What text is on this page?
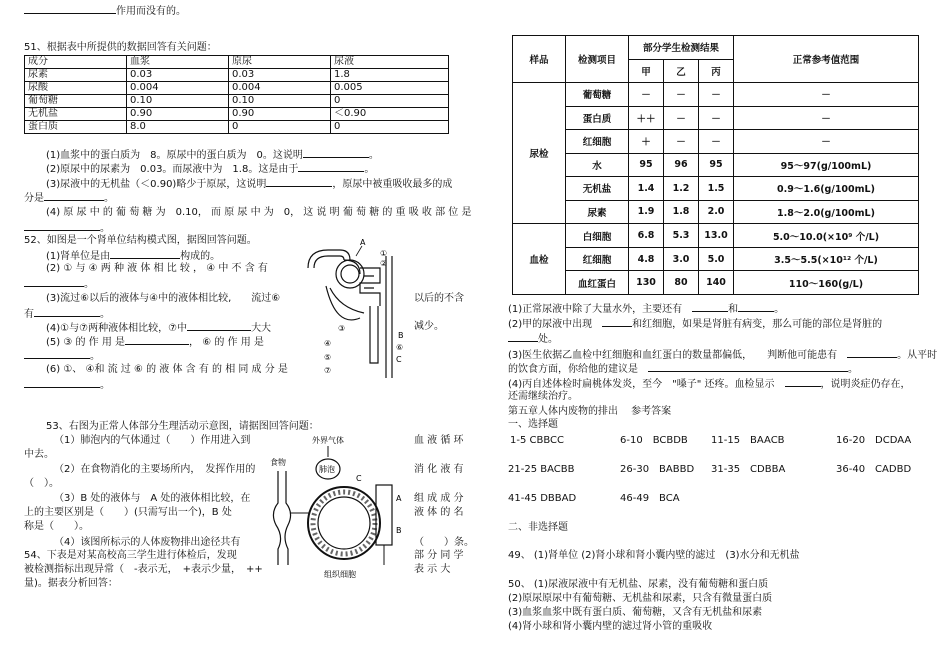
作用而没有的。
51、根据表中所提供的数据回答有关问题：
成分	血浆	原尿	尿液
尿素	0.03	0.03	1.8
尿酸	0.004	0.004	0.005
葡萄糖	0.10	0.10	0
无机盐	0.90	0.90	＜0.90
蛋白质	8.0	0	0
(1)血浆中的蛋白质为　8。原尿中的蛋白质为　0。这说明	。
(2)原尿中的尿素为　0.03。而尿液中为　1.8。这是由于	。
(3)尿液中的无机盐（＜0.90)略少于原尿，这说明	，原尿中被重吸收最多的成
分是	。
(4) 原 尿 中 的 葡 萄 糖 为　0.10， 而 原 尿 中 为　0， 这 说 明 葡 萄 糖 的 重 吸 收 部 位 是
。
52、如图是一个肾单位结构模式图，据图回答问题。
(1)肾单位是由	构成的。
(2) ① 与 ④ 两 种 液 体 相 比 较 ， ④ 中 不 含 有
。
(3)流过⑥以后的液体与④中的液体相比较,　　 流过⑥	以后的不含
有	。
(4)①与⑦两种液体相比较，⑦中	大大	减少。
(5) ③ 的 作 用 是	， ⑥ 的 作 用 是
。
(6) ①、 ④和 流 过 ⑥ 的 液 体 含 有 的 相 同 成 分 是
。
A
①
②
③
④
⑤
B
⑥
⑦
C
53、右图为正常人体部分生理活动示意图，请据图回答问题：
（1）肺泡内的气体通过（　　）作用进入到	血 液 循 环
中去。
（2）在食物消化的主要场所内，　发挥作用的	消 化 液 有
（　）。
（3）B 处的液体与　A 处的液体相比较，在	组 成 成 分
上的主要区别是（　　）(只需写出一个)，B 处	液 体 的 名
称是（　　）。
（4）该图所标示的人体废物排出途径共有	（　　）条。
54、下表是对某高校高三学生进行体检后，发现	部 分 同 学
被检测指标出现异常（　-表示无，　+表示少量，　++	表 示 大
量)。据表分析回答：
外界气体
食物
肺泡
C
A
B
组织细胞
样品	检测项目	部分学生检测结果			正常参考值范围
		甲	乙	丙	
尿检	葡萄糖	－	－	－	－
	蛋白质	＋＋	－	－	－
	红细胞	＋	－	－	－
	水	95	96	95	95～97(g/100mL)
	无机盐	1.4	1.2	1.5	0.9～1.6(g/100mL)
	尿素	1.9	1.8	2.0	1.8～2.0(g/100mL)
血检	白细胞	6.8	5.3	13.0	5.0～10.0(×10⁹ 个/L)
	红细胞	4.8	3.0	5.0	3.5～5.5(×10¹² 个/L)
	血红蛋白	130	80	140	110～160(g/L)
(1)正常尿液中除了大量水外，主要还有　	和	。
(2)甲的尿液中出现　	和红细胞，如果是肾脏有病变，那么可能的部位是肾脏的
处。
(3)医生依据乙血检中红细胞和血红蛋白的数量都偏低，　　判断他可能患有　	。从平时
的饮食方面，你给他的建议是　	。
(4)丙自述体检时扁桃体发炎，至今　"嗓子" 还疼。血检显示　	，说明炎症仍存在，
还需继续治疗。
第五章人体内废物的排出　 参考答案
一、选择题
1-5 CBBCC	6-10　BCBDB 11-15　BAACB	16-20　DCDAA
21-25 BACBB	26-30　BABBD 31-35　CDBBA	36-40　CADBD
41-45 DBBAD	46-49　BCA
二、非选择题
49、 (1)肾单位 (2)肾小球和肾小囊内壁的滤过　(3)水分和无机盐
50、 (1)尿液尿液中有无机盐、尿素，没有葡萄糖和蛋白质
(2)原尿原尿中有葡萄糖、无机盐和尿素，只含有微量蛋白质
(3)血浆血浆中既有蛋白质、葡萄糖，又含有无机盐和尿素
(4)肾小球和肾小囊内壁的滤过肾小管的重吸收
